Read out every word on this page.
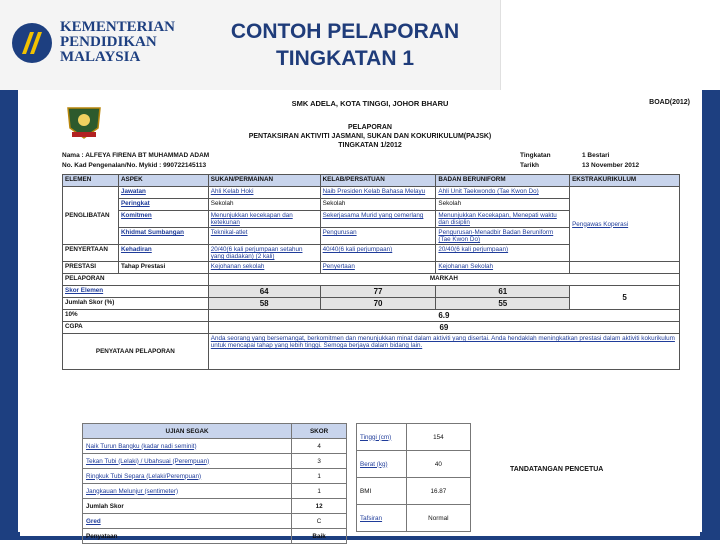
KEMENTERIAN
PENDIDIKAN
MALAYSIA
CONTOH PELAPORAN
TINGKATAN 1
SMK ADELA, KOTA TINGGI, JOHOR BHARU	BOAD(2012)
PELAPORAN
PENTAKSIRAN AKTIVITI JASMANI, SUKAN DAN KOKURIKULUM(PAJSK)
TINGKATAN 1/2012
Nama : ALFEYA FIRENA BT MUHAMMAD ADAM
No. Kad Pengenalan/No. Mykid : 990722145113
Tingkatan	1 Bestari
Tarikh	13 November 2012
ELEMEN	ASPEK	SUKAN/PERMAINAN	KELAB/PERSATUAN	BADAN BERUNIFORM	EKSTRAKURIKULUM
PENGLIBATAN	Jawatan	Ahli Kelab Hoki	Naib Presiden Kelab Bahasa Melayu	Ahli Unit Taekwondo (Tae Kwon Do)	Pengawas Koperasi
	Peringkat	Sekolah	Sekolah	Sekolah	
	Komitmen	Menunjukkan kecekapan dan ketekunan	Sekerjasama Murid yang cemerlang	Menunjukkan Kecekapan, Menepati waktu dan disiplin	
	Khidmat Sumbangan	Teknikal-atlet	Pengurusan	Pengurusan-Menadbir Badan Beruniform (Tae Kwon Do)	
PENYERTAAN	Kehadiran	20/40(6 kali perjumpaan setahun yang diadakan) (2 kali)	40/40(6 kali perjumpaan)	20/40(6 kali perjumpaan)	
PRESTASI	Tahap Prestasi	Kejohanan sekolah	Penyertaan	Kejohanan Sekolah	
PELAPORAN		MARKAH			
Skor Elemen		64	77	61	5
Jumlah Skor (%)		58	70	55	
10%		6.9			
CGPA		69			
PENYATAAN PELAPORAN		Anda seorang yang bersemangat, berkomitmen dan menunjukkan minat dalam aktiviti yang disertai. Anda hendaklah meningkatkan prestasi dalam aktiviti kokurikulum untuk mencapai tahap yang lebih tinggi. Semoga berjaya dalam bidang lain.			
UJIAN SEGAK	SKOR
Naik Turun Bangku (kadar nadi seminit)	4
Tekan Tubi (Lelaki) / Ubahsuai (Perempuan)	3
Ringkuk Tubi Separa (Lelaki/Perempuan)	1
Jangkauan Melunjur (sentimeter)	1
Jumlah Skor	12
Gred	C
Penyataan	Baik
Tinggi (cm)	154
Berat (kg)	40
BMI	16.87
Tafsiran	Normal
TANDATANGAN PENCETUA
